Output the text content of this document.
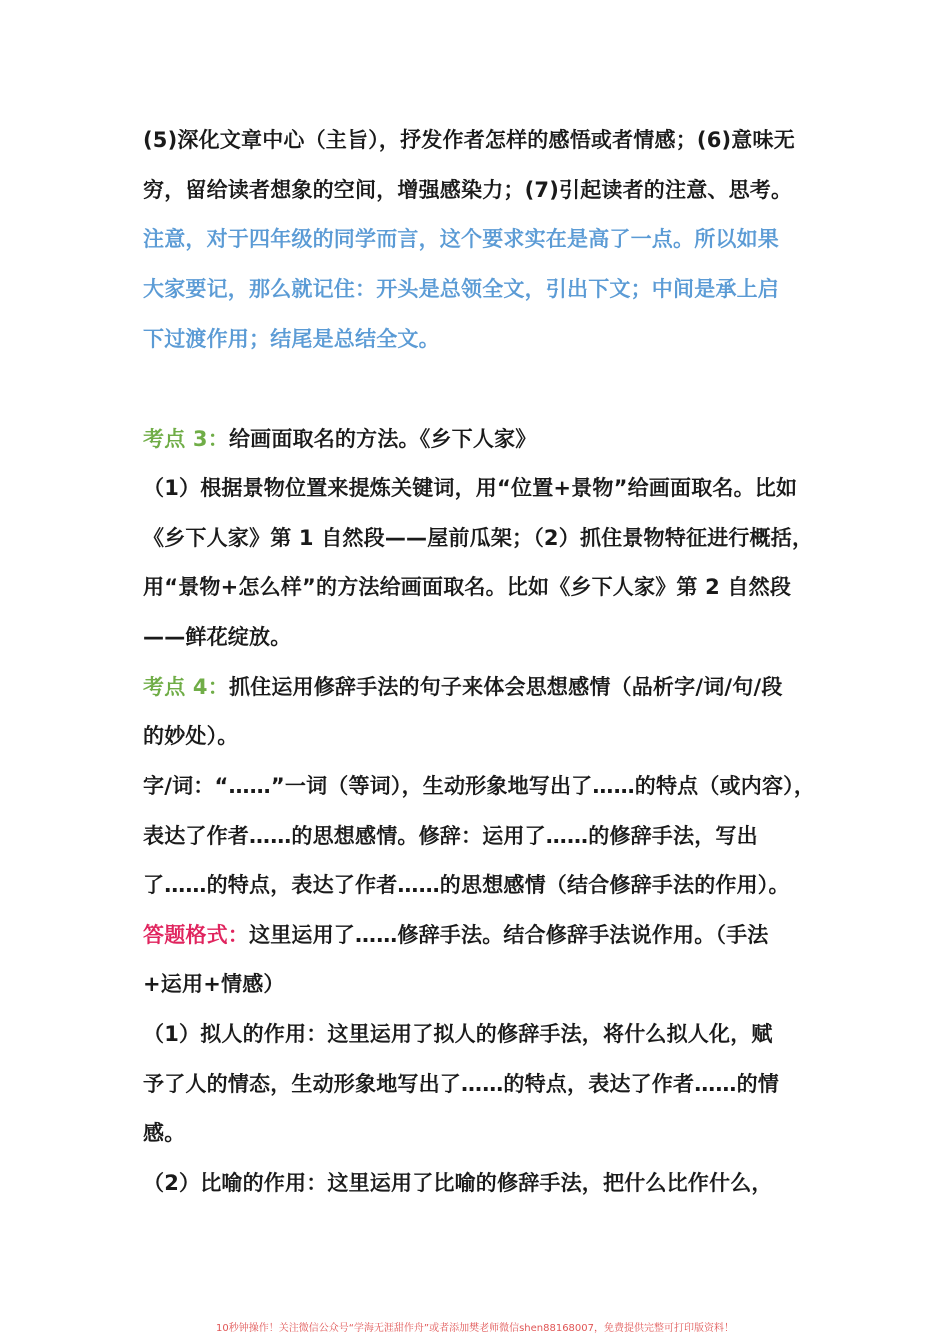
(5)深化文章中心（主旨），抒发作者怎样的感悟或者情感；(6)意味无
穷，留给读者想象的空间，增强感染力；(7)引起读者的注意、思考。
注意，对于四年级的同学而言，这个要求实在是高了一点。所以如果
大家要记，那么就记住：开头是总领全文，引出下文；中间是承上启
下过渡作用；结尾是总结全文。
考点 3：给画面取名的方法。《乡下人家》
（1）根据景物位置来提炼关键词，用“位置+景物”给画面取名。比如
《乡下人家》第 1 自然段——屋前瓜架；（2）抓住景物特征进行概括，
用“景物+怎么样”的方法给画面取名。比如《乡下人家》第 2 自然段
——鲜花绽放。
考点 4：抓住运用修辞手法的句子来体会思想感情（品析字/词/句/段
的妙处）。
字/词：“……”一词（等词），生动形象地写出了……的特点（或内容），
表达了作者……的思想感情。修辞：运用了……的修辞手法，写出
了……的特点，表达了作者……的思想感情（结合修辞手法的作用）。
答题格式：这里运用了……修辞手法。结合修辞手法说作用。（手法
+运用+情感）
（1）拟人的作用：这里运用了拟人的修辞手法，将什么拟人化，赋
予了人的情态，生动形象地写出了……的特点，表达了作者……的情
感。
（2）比喻的作用：这里运用了比喻的修辞手法，把什么比作什么，
10秒钟操作！关注微信公众号“学海无涯甜作舟”或者添加樊老师微信shen88168007，免费提供完整可打印版资料！
